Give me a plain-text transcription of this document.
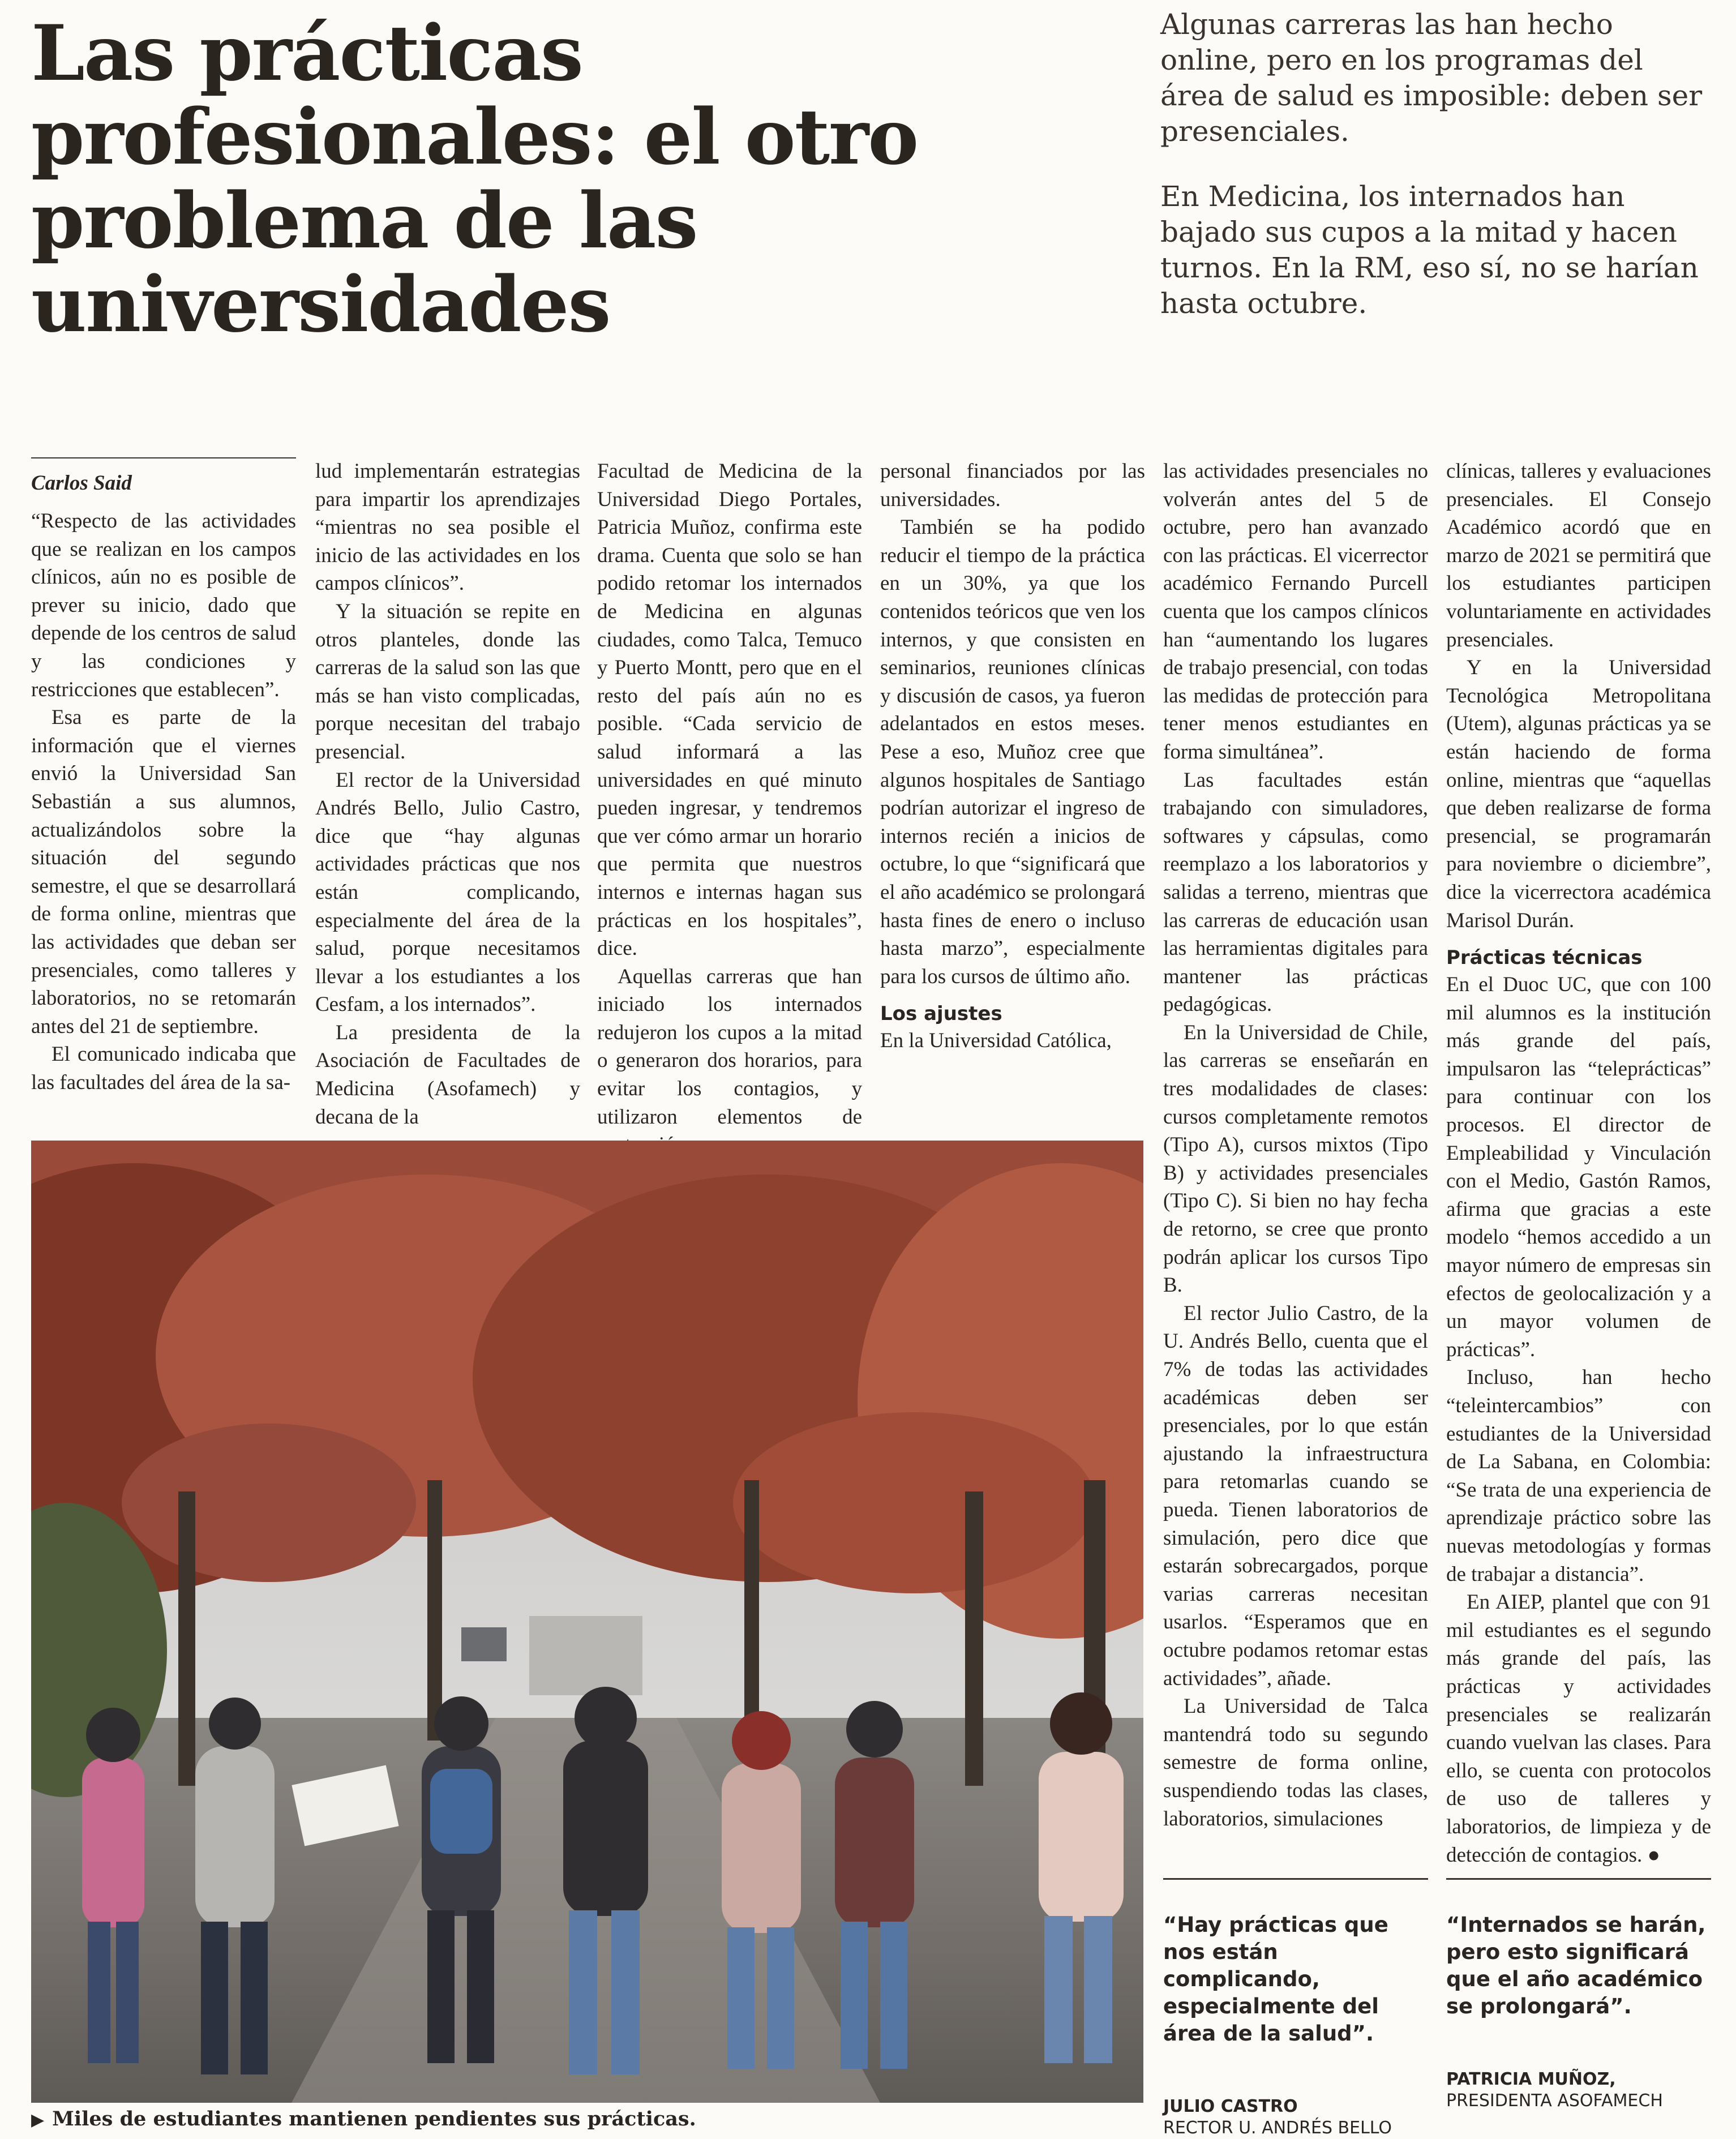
Las prácticas profesionales: el otro problema de las universidades

Algunas carreras las han hecho online, pero en los programas del área de salud es imposible: deben ser presenciales.

En Medicina, los internados han bajado sus cupos a la mitad y hacen turnos. En la RM, eso sí, no se harían hasta octubre.

Carlos Said

“Respecto de las actividades que se realizan en los campos clínicos, aún no es posible de prever su inicio, dado que depende de los centros de salud y las condiciones y restricciones que establecen”.

Esa es parte de la información que el viernes envió la Universidad San Sebastián a sus alumnos, actualizándolos sobre la situación del segundo semestre, el que se desarrollará de forma online, mientras que las actividades que deban ser presenciales, como talleres y laboratorios, no se retomarán antes del 21 de septiembre.

El comunicado indicaba que las facultades del área de la sa-

lud implementarán estrategias para impartir los aprendizajes “mientras no sea posible el inicio de las actividades en los campos clínicos”.

Y la situación se repite en otros planteles, donde las carreras de la salud son las que más se han visto complicadas, porque necesitan del trabajo presencial.

El rector de la Universidad Andrés Bello, Julio Castro, dice que “hay algunas actividades prácticas que nos están complicando, especialmente del área de la salud, porque necesitamos llevar a los estudiantes a los Cesfam, a los internados”.

La presidenta de la Asociación de Facultades de Medicina (Asofamech) y decana de la

Facultad de Medicina de la Universidad Diego Portales, Patricia Muñoz, confirma este drama. Cuenta que solo se han podido retomar los internados de Medicina en algunas ciudades, como Talca, Temuco y Puerto Montt, pero que en el resto del país aún no es posible. “Cada servicio de salud informará a las universidades en qué minuto pueden ingresar, y tendremos que ver cómo armar un horario que permita que nuestros internos e internas hagan sus prácticas en los hospitales”, dice.

Aquellas carreras que han iniciado los internados redujeron los cupos a la mitad o generaron dos horarios, para evitar los contagios, y utilizaron elementos de

personal financiados por las universidades.

También se ha podido reducir el tiempo de la práctica en un 30%, ya que los contenidos teóricos que ven los internos, y que consisten en seminarios, reuniones clínicas y discusión de casos, ya fueron adelantados en estos meses. Pese a eso, Muñoz cree que algunos hospitales de Santiago podrían autorizar el ingreso de internos recién a inicios de octubre, lo que “significará que el año académico se prolongará hasta fines de enero o incluso hasta marzo”, especialmente para los cursos de último año.

Los ajustes

En la Universidad Católica,

las actividades presenciales no volverán antes del 5 de octubre, pero han avanzado con las prácticas. El vicerrector académico Fernando Purcell cuenta que los campos clínicos han “aumentando los lugares de trabajo presencial, con todas las medidas de protección para tener menos estudiantes en forma simultánea”.

Las facultades están trabajando con simuladores, softwares y cápsulas, como reemplazo a los laboratorios y salidas a terreno, mientras que las carreras de educación usan las herramientas digitales para mantener las prácticas pedagógicas.

En la Universidad de Chile, las carreras se enseñarán en tres modalidades de clases: cursos completamente remotos (Tipo A), cursos mixtos (Tipo B) y actividades presenciales (Tipo C). Si bien no hay fecha de retorno, se cree que pronto podrán aplicar los cursos Tipo B.

El rector Julio Castro, de la U. Andrés Bello, cuenta que el 7% de todas las actividades académicas deben ser presenciales, por lo que están ajustando la infraestructura para retomarlas cuando se pueda. Tienen laboratorios de simulación, pero dice que estarán sobrecargados, porque varias carreras necesitan usarlos. “Esperamos que en octubre podamos retomar estas actividades”, añade.

La Universidad de Talca mantendrá todo su segundo semestre de forma online, suspendiendo todas las clases, laboratorios, simulaciones

clínicas, talleres y evaluaciones presenciales. El Consejo Académico acordó que en marzo de 2021 se permitirá que los estudiantes participen voluntariamente en actividades presenciales.

Y en la Universidad Tecnológica Metropolitana (Utem), algunas prácticas ya se están haciendo de forma online, mientras que “aquellas que deben realizarse de forma presencial, se programarán para noviembre o diciembre”, dice la vicerrectora académica Marisol Durán.

Prácticas técnicas

En el Duoc UC, que con 100 mil alumnos es la institución más grande del país, impulsaron las “teleprácticas” para continuar con los procesos. El director de Empleabilidad y Vinculación con el Medio, Gastón Ramos, afirma que gracias a este modelo “hemos accedido a un mayor número de empresas sin efectos de geolocalización y a un mayor volumen de prácticas”.

Incluso, han hecho “teleintercambios” con estudiantes de la Universidad de La Sabana, en Colombia: “Se trata de una experiencia de aprendizaje práctico sobre las nuevas metodologías y formas de trabajar a distancia”.

En AIEP, plantel que con 91 mil estudiantes es el segundo más grande del país, las prácticas y actividades presenciales se realizarán cuando vuelvan las clases. Para ello, se cuenta con protocolos de uso de talleres y laboratorios, de limpieza y de detección de contagios. ●

▶ Miles de estudiantes mantienen pendientes sus prácticas.
“Hay prácticas que nos están complicando, especialmente del área de la salud”.
JULIO CASTRO
RECTOR U. ANDRÉS BELLO
“Internados se harán, pero esto significará que el año académico se prolongará”.
PATRICIA MUÑOZ,
PRESIDENTA ASOFAMECH
